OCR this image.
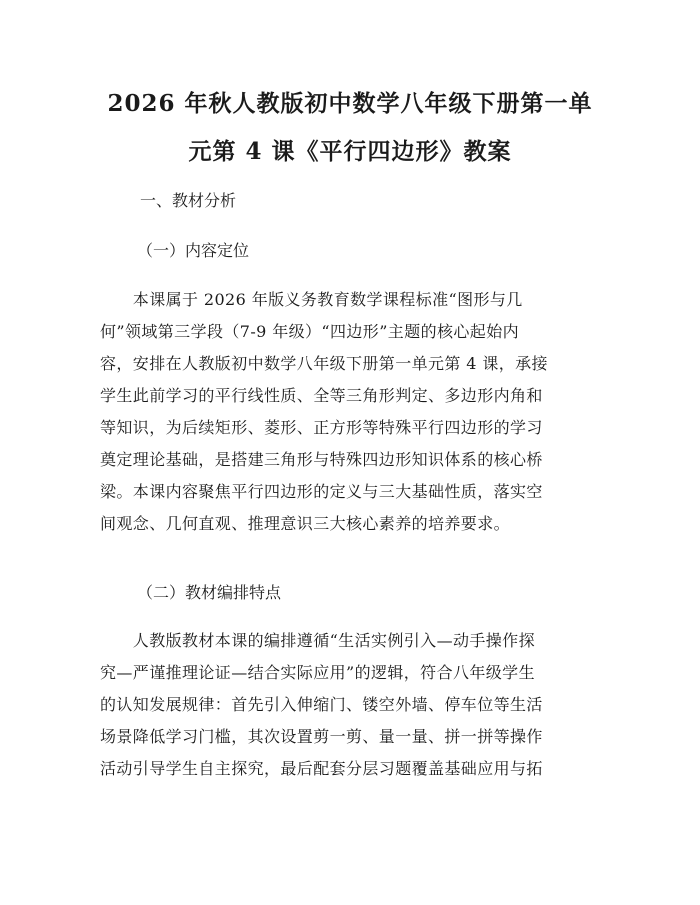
2026 年秋人教版初中数学八年级下册第一单
元第 4 课《平行四边形》教案
一、教材分析
（一）内容定位
　　本课属于 2026 年版义务教育数学课程标准“图形与几
何”领域第三学段（7-9 年级）“四边形”主题的核心起始内
容，安排在人教版初中数学八年级下册第一单元第 4 课，承接
学生此前学习的平行线性质、全等三角形判定、多边形内角和
等知识，为后续矩形、菱形、正方形等特殊平行四边形的学习
奠定理论基础，是搭建三角形与特殊四边形知识体系的核心桥
梁。本课内容聚焦平行四边形的定义与三大基础性质，落实空
间观念、几何直观、推理意识三大核心素养的培养要求。
（二）教材编排特点
　　人教版教材本课的编排遵循“生活实例引入—动手操作探
究—严谨推理论证—结合实际应用”的逻辑，符合八年级学生
的认知发展规律：首先引入伸缩门、镂空外墙、停车位等生活
场景降低学习门槛，其次设置剪一剪、量一量、拼一拼等操作
活动引导学生自主探究，最后配套分层习题覆盖基础应用与拓
